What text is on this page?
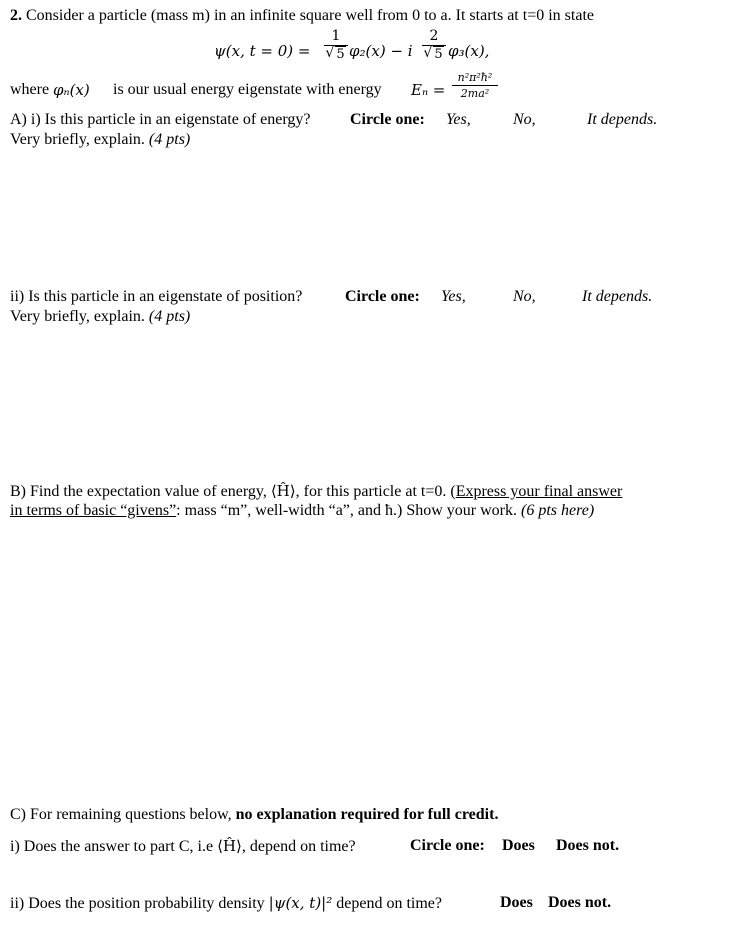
2. Consider a particle (mass m) in an infinite square well from 0 to a. It starts at t=0 in state
ψ(x, t = 0) =
1
√ 5 φ₂(x) − i
2
√ 5 φ₃(x),
where φₙ(x) is our usual energy eigenstate with energy Eₙ =
n²π²ħ²
2ma²
A) i) Is this particle in an eigenstate of energy? Circle one: Yes,	No,	It depends.
Very briefly, explain. (4 pts)
ii) Is this particle in an eigenstate of position?	Circle one: Yes,	No,	It depends.
Very briefly, explain. (4 pts)
B) Find the expectation value of energy, ⟨Ĥ⟩, for this particle at t=0. (Express your final answer
in terms of basic “givens”: mass “m”, well-width “a”, and ħ.) Show your work. (6 pts here)
C) For remaining questions below, no explanation required for full credit.
i) Does the answer to part C, i.e ⟨Ĥ⟩, depend on time?	Circle one: Does Does not.
ii) Does the position probability density |ψ(x, t)|² depend on time?	Does Does not.
